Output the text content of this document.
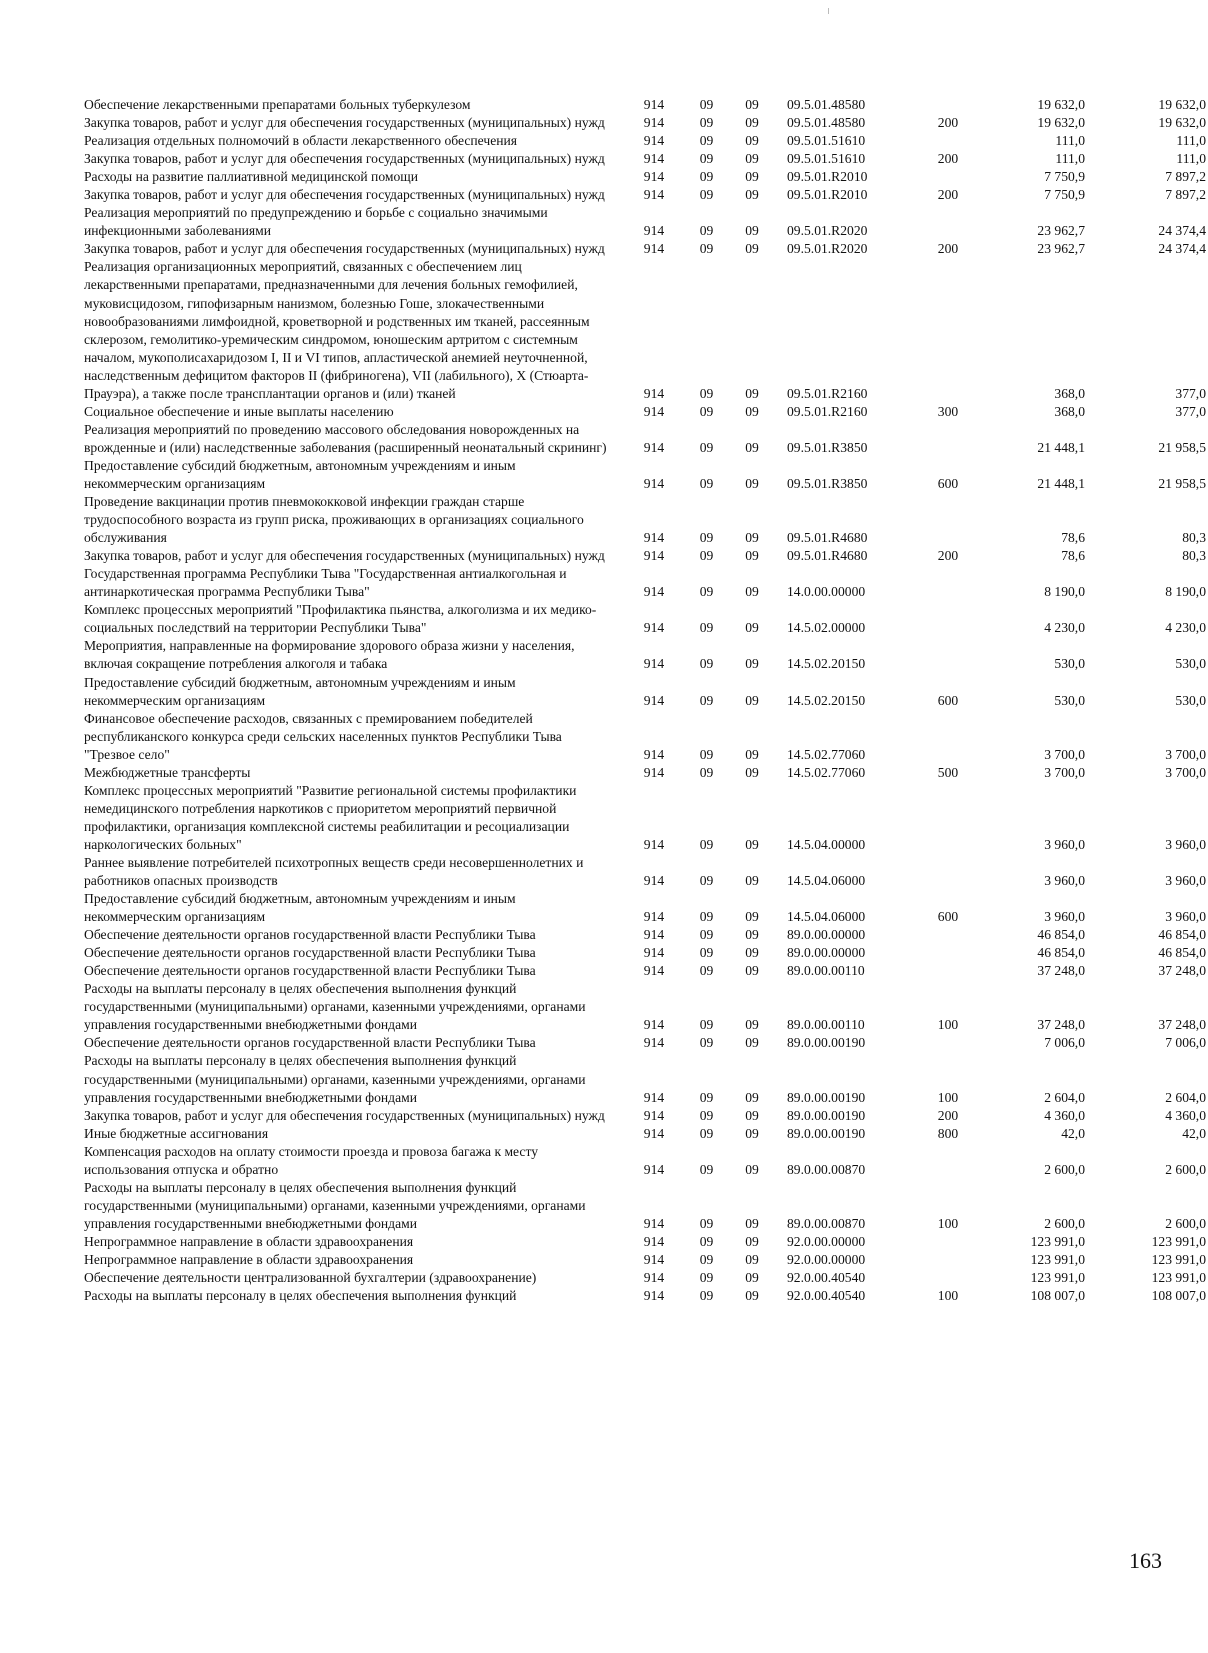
Обеспечение лекарственными препаратами больных туберкулезом	914	09	09	09.5.01.48580		19 632,0	19 632,0
Закупка товаров, работ и услуг для обеспечения государственных (муниципальных) нужд	914	09	09	09.5.01.48580	200	19 632,0	19 632,0
Реализация отдельных полномочий в области лекарственного обеспечения	914	09	09	09.5.01.51610		111,0	111,0
Закупка товаров, работ и услуг для обеспечения государственных (муниципальных) нужд	914	09	09	09.5.01.51610	200	111,0	111,0
Расходы на развитие паллиативной медицинской помощи	914	09	09	09.5.01.R2010		7 750,9	7 897,2
Закупка товаров, работ и услуг для обеспечения государственных (муниципальных) нужд	914	09	09	09.5.01.R2010	200	7 750,9	7 897,2
Реализация мероприятий по предупреждению и борьбе с социально значимыми инфекционными заболеваниями	914	09	09	09.5.01.R2020		23 962,7	24 374,4
Закупка товаров, работ и услуг для обеспечения государственных (муниципальных) нужд	914	09	09	09.5.01.R2020	200	23 962,7	24 374,4
Реализация организационных мероприятий, связанных с обеспечением лиц лекарственными препаратами, предназначенными для лечения больных гемофилией, муковисцидозом, гипофизарным нанизмом, болезнью Гоше, злокачественными новообразованиями лимфоидной, кроветворной и родственных им тканей, рассеянным склерозом, гемолитико-уремическим синдромом, юношеским артритом с системным началом, мукополисахаридозом I, II и VI типов, апластической анемией неуточненной, наследственным дефицитом факторов II (фибриногена), VII (лабильного), X (Стюарта-Прауэра), а также после трансплантации органов и (или) тканей	914	09	09	09.5.01.R2160		368,0	377,0
Социальное обеспечение и иные выплаты населению	914	09	09	09.5.01.R2160	300	368,0	377,0
Реализация мероприятий по проведению массового обследования новорожденных на врожденные и (или) наследственные заболевания (расширенный неонатальный скрининг)	914	09	09	09.5.01.R3850		21 448,1	21 958,5
Предоставление субсидий бюджетным, автономным учреждениям и иным некоммерческим организациям	914	09	09	09.5.01.R3850	600	21 448,1	21 958,5
Проведение вакцинации против пневмококковой инфекции граждан старше трудоспособного возраста из групп риска, проживающих в организациях социального обслуживания	914	09	09	09.5.01.R4680		78,6	80,3
Закупка товаров, работ и услуг для обеспечения государственных (муниципальных) нужд	914	09	09	09.5.01.R4680	200	78,6	80,3
Государственная программа Республики Тыва "Государственная антиалкогольная и антинаркотическая программа Республики Тыва"	914	09	09	14.0.00.00000		8 190,0	8 190,0
Комплекс процессных мероприятий "Профилактика пьянства, алкоголизма и их медико-социальных последствий на территории Республики Тыва"	914	09	09	14.5.02.00000		4 230,0	4 230,0
Мероприятия, направленные на формирование здорового образа жизни у населения, включая сокращение потребления алкоголя и табака	914	09	09	14.5.02.20150		530,0	530,0
Предоставление субсидий бюджетным, автономным учреждениям и иным некоммерческим организациям	914	09	09	14.5.02.20150	600	530,0	530,0
Финансовое обеспечение расходов, связанных с премированием победителей республиканского конкурса среди сельских населенных пунктов Республики Тыва "Трезвое село"	914	09	09	14.5.02.77060		3 700,0	3 700,0
Межбюджетные трансферты	914	09	09	14.5.02.77060	500	3 700,0	3 700,0
Комплекс процессных мероприятий "Развитие региональной системы профилактики немедицинского потребления наркотиков с приоритетом мероприятий первичной профилактики, организация комплексной системы реабилитации и ресоциализации наркологических больных"	914	09	09	14.5.04.00000		3 960,0	3 960,0
Раннее выявление потребителей психотропных веществ среди несовершеннолетних и работников опасных производств	914	09	09	14.5.04.06000		3 960,0	3 960,0
Предоставление субсидий бюджетным, автономным учреждениям и иным некоммерческим организациям	914	09	09	14.5.04.06000	600	3 960,0	3 960,0
Обеспечение деятельности органов государственной власти Республики Тыва	914	09	09	89.0.00.00000		46 854,0	46 854,0
Обеспечение деятельности органов государственной власти Республики Тыва	914	09	09	89.0.00.00000		46 854,0	46 854,0
Обеспечение деятельности органов государственной власти Республики Тыва	914	09	09	89.0.00.00110		37 248,0	37 248,0
Расходы на выплаты персоналу в целях обеспечения выполнения функций государственными (муниципальными) органами, казенными учреждениями, органами управления государственными внебюджетными фондами	914	09	09	89.0.00.00110	100	37 248,0	37 248,0
Обеспечение деятельности органов государственной власти Республики Тыва	914	09	09	89.0.00.00190		7 006,0	7 006,0
Расходы на выплаты персоналу в целях обеспечения выполнения функций государственными (муниципальными) органами, казенными учреждениями, органами управления государственными внебюджетными фондами	914	09	09	89.0.00.00190	100	2 604,0	2 604,0
Закупка товаров, работ и услуг для обеспечения государственных (муниципальных) нужд	914	09	09	89.0.00.00190	200	4 360,0	4 360,0
Иные бюджетные ассигнования	914	09	09	89.0.00.00190	800	42,0	42,0
Компенсация расходов на оплату стоимости проезда и провоза багажа к месту использования отпуска и обратно	914	09	09	89.0.00.00870		2 600,0	2 600,0
Расходы на выплаты персоналу в целях обеспечения выполнения функций государственными (муниципальными) органами, казенными учреждениями, органами управления государственными внебюджетными фондами	914	09	09	89.0.00.00870	100	2 600,0	2 600,0
Непрограммное направление в области здравоохранения	914	09	09	92.0.00.00000		123 991,0	123 991,0
Непрограммное направление в области здравоохранения	914	09	09	92.0.00.00000		123 991,0	123 991,0
Обеспечение деятельности централизованной бухгалтерии (здравоохранение)	914	09	09	92.0.00.40540		123 991,0	123 991,0
Расходы на выплаты персоналу в целях обеспечения выполнения функций	914	09	09	92.0.00.40540	100	108 007,0	108 007,0
163
